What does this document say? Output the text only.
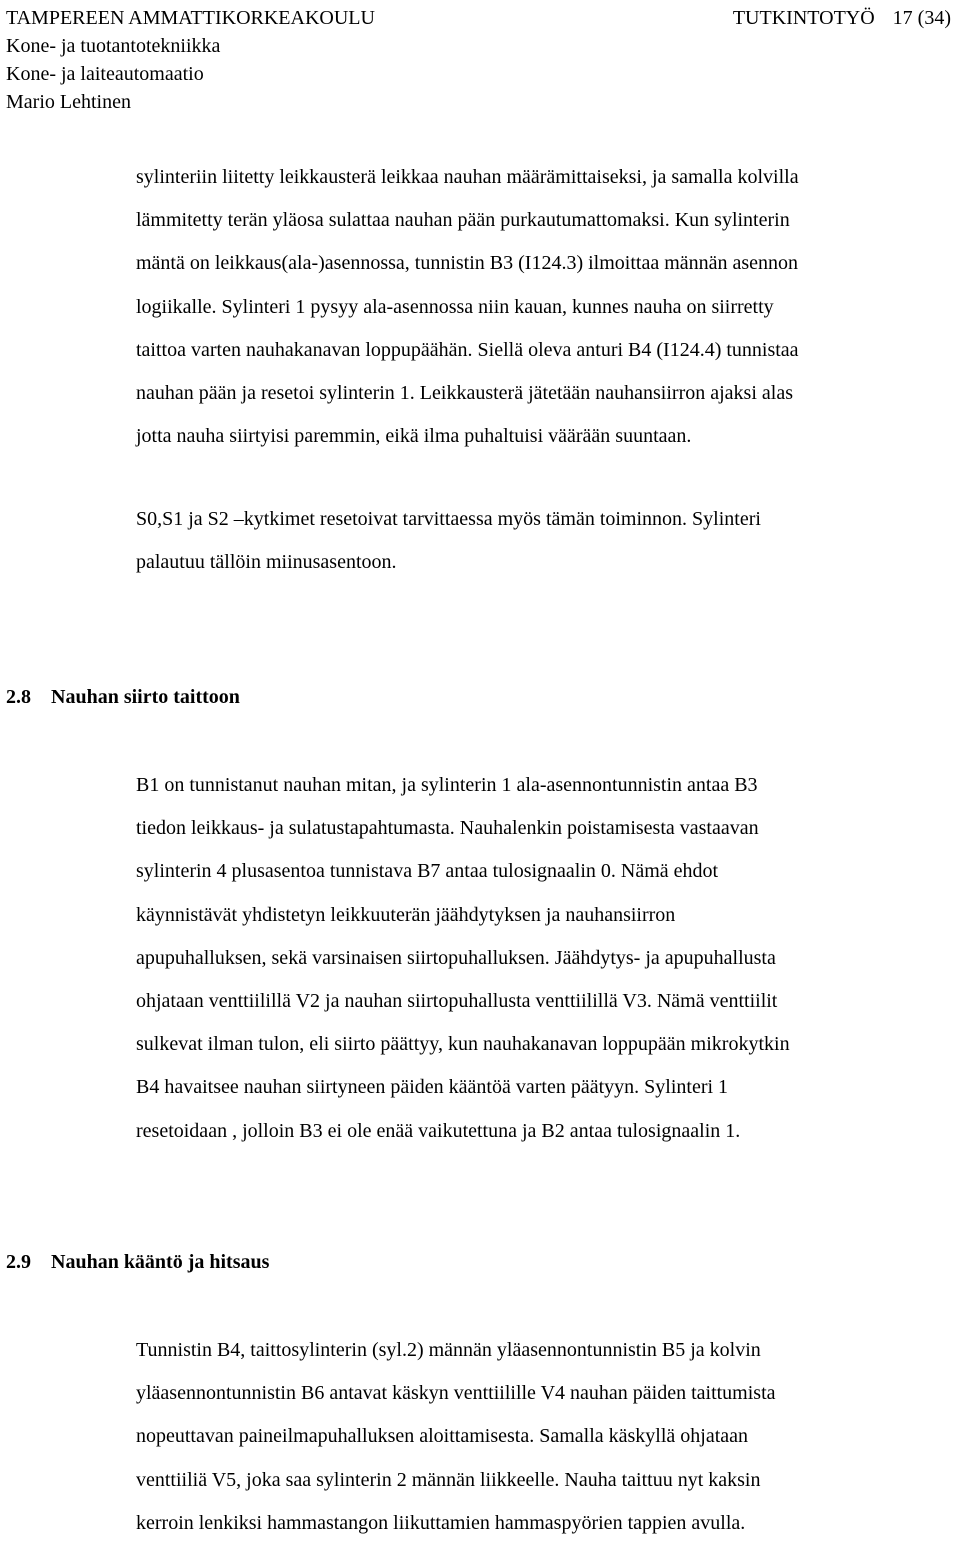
TAMPEREEN AMMATTIKORKEAKOULU	TUTKINTOTYÖ 17 (34)
Kone- ja tuotantotekniikka
Kone- ja laiteautomaatio
Mario Lehtinen

sylinteriin liitetty leikkausterä leikkaa nauhan määrämittaiseksi, ja samalla kolvilla
lämmitetty terän yläosa sulattaa nauhan pään purkautumattomaksi. Kun sylinterin
mäntä on leikkaus(ala-)asennossa, tunnistin B3 (I124.3) ilmoittaa männän asennon
logiikalle. Sylinteri 1 pysyy ala-asennossa niin kauan, kunnes nauha on siirretty
taittoa varten nauhakanavan loppupäähän. Siellä oleva anturi B4 (I124.4) tunnistaa
nauhan pään ja resetoi sylinterin 1. Leikkausterä jätetään nauhansiirron ajaksi alas
jotta nauha siirtyisi paremmin, eikä ilma puhaltuisi väärään suuntaan.

S0,S1 ja S2 –kytkimet resetoivat tarvittaessa myös tämän toiminnon. Sylinteri
palautuu tällöin miinusasentoon.

2.8 Nauhan siirto taittoon

B1 on tunnistanut nauhan mitan, ja sylinterin 1 ala-asennontunnistin antaa B3
tiedon leikkaus- ja sulatustapahtumasta. Nauhalenkin poistamisesta vastaavan
sylinterin 4 plusasentoa tunnistava B7 antaa tulosignaalin 0. Nämä ehdot
käynnistävät yhdistetyn leikkuuterän jäähdytyksen ja nauhansiirron
apupuhalluksen, sekä varsinaisen siirtopuhalluksen. Jäähdytys- ja apupuhallusta
ohjataan venttiilillä V2 ja nauhan siirtopuhallusta venttiilillä V3. Nämä venttiilit
sulkevat ilman tulon, eli siirto päättyy, kun nauhakanavan loppupään mikrokytkin
B4 havaitsee nauhan siirtyneen päiden kääntöä varten päätyyn. Sylinteri 1
resetoidaan , jolloin B3 ei ole enää vaikutettuna ja B2 antaa tulosignaalin 1.

2.9 Nauhan kääntö ja hitsaus

Tunnistin B4, taittosylinterin (syl.2) männän yläasennontunnistin B5 ja kolvin
yläasennontunnistin B6 antavat käskyn venttiilille V4 nauhan päiden taittumista
nopeuttavan paineilmapuhalluksen aloittamisesta. Samalla käskyllä ohjataan
venttiiliä V5, joka saa sylinterin 2 männän liikkeelle. Nauha taittuu nyt kaksin
kerroin lenkiksi hammastangon liikuttamien hammaspyörien tappien avulla.
